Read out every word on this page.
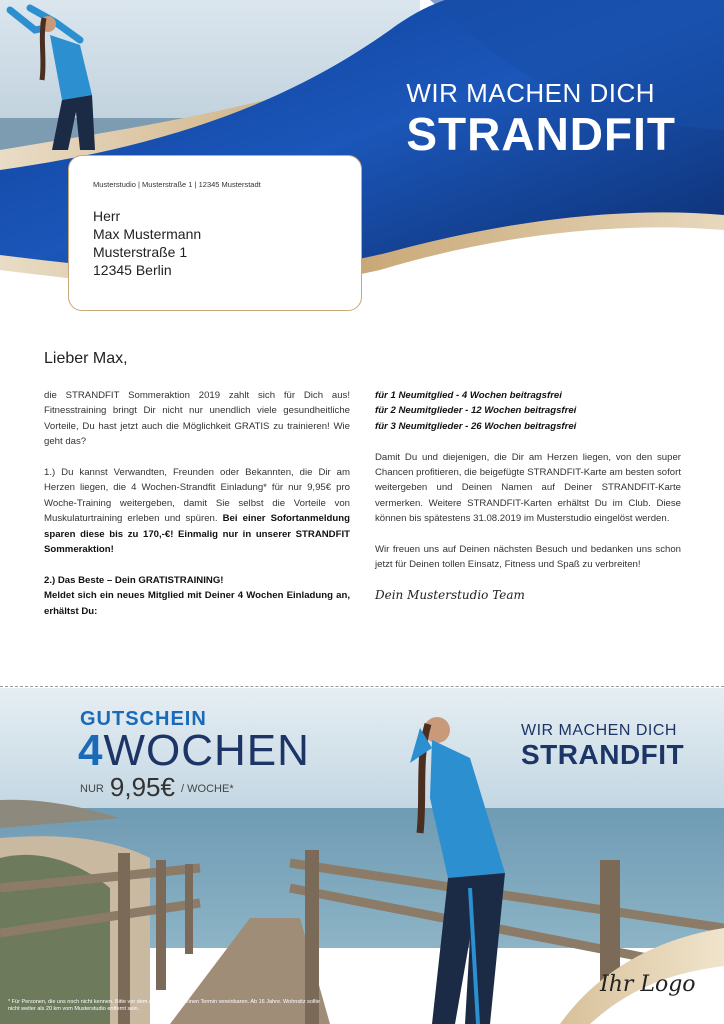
WIR MACHEN DICH
STRANDFIT
Musterstudio | Musterstraße 1 | 12345 Musterstadt
Herr
Max Mustermann
Musterstraße 1
12345 Berlin
Lieber Max,

die STRANDFIT Sommeraktion 2019 zahlt sich für Dich aus! Fitnesstraining bringt Dir nicht nur unendlich viele gesundheitliche Vorteile, Du hast jetzt auch die Möglichkeit GRATIS zu trainieren! Wie geht das?

1.) Du kannst Verwandten, Freunden oder Bekannten, die Dir am Herzen liegen, die 4 Wochen-Strandfit Einladung* für nur 9,95€ pro Woche-Training weitergeben, damit Sie selbst die Vorteile von Muskulaturtraining erleben und spüren. Bei einer Sofortanmeldung sparen diese bis zu 170,-€! Einmalig nur in unserer STRANDFIT Sommeraktion!

2.) Das Beste – Dein GRATISTRAINING!
Meldet sich ein neues Mitglied mit Deiner 4 Wochen Einladung an, erhältst Du:

für 1 Neumitglied - 4 Wochen beitragsfrei
für 2 Neumitglieder - 12 Wochen beitragsfrei
für 3 Neumitglieder - 26 Wochen beitragsfrei

Damit Du und diejenigen, die Dir am Herzen liegen, von den super Chancen profitieren, die beigefügte STRANDFIT-Karte am besten sofort weitergeben und Deinen Namen auf Deiner STRANDFIT-Karte vermerken. Weitere STRANDFIT-Karten erhältst Du im Club. Diese können bis spätestens 31.08.2019 im Musterstudio eingelöst werden.

Wir freuen uns auf Deinen nächsten Besuch und bedanken uns schon jetzt für Deinen tollen Einsatz, Fitness und Spaß zu verbreiten!

Dein Musterstudio Team
GUTSCHEIN
4WOCHEN
NUR 9,95€ / WOCHE*
WIR MACHEN DICH
STRANDFIT
Ihr Logo
* Für Personen, die uns noch nicht kennen. Bitte vor dem ersten Besuch einen Termin vereinbaren. Ab 16 Jahre. Wohnsitz sollte nicht weiter als 20 km vom Musterstudio entfernt sein.
